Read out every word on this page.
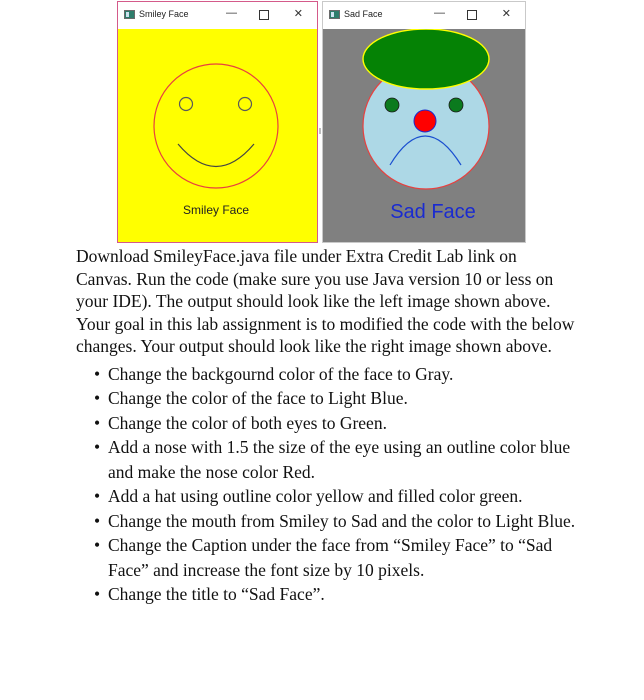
Smiley Face	—	✕
Smiley Face
Sad Face	—	✕
Sad Face

Download SmileyFace.java file under Extra Credit Lab link on Canvas. Run the code (make sure you use Java version 10 or less on your IDE). The output should look like the left image shown above. Your goal in this lab assignment is to modified the code with the below changes. Your output should look like the right image shown above.

• Change the backgournd color of the face to Gray.
• Change the color of the face to Light Blue.
• Change the color of both eyes to Green.
• Add a nose with 1.5 the size of the eye using an outline color blue and make the nose color Red.
• Add a hat using outline color yellow and filled color green.
• Change the mouth from Smiley to Sad and the color to Light Blue.
• Change the Caption under the face from “Smiley Face” to “Sad Face” and increase the font size by 10 pixels.
• Change the title to “Sad Face”.
